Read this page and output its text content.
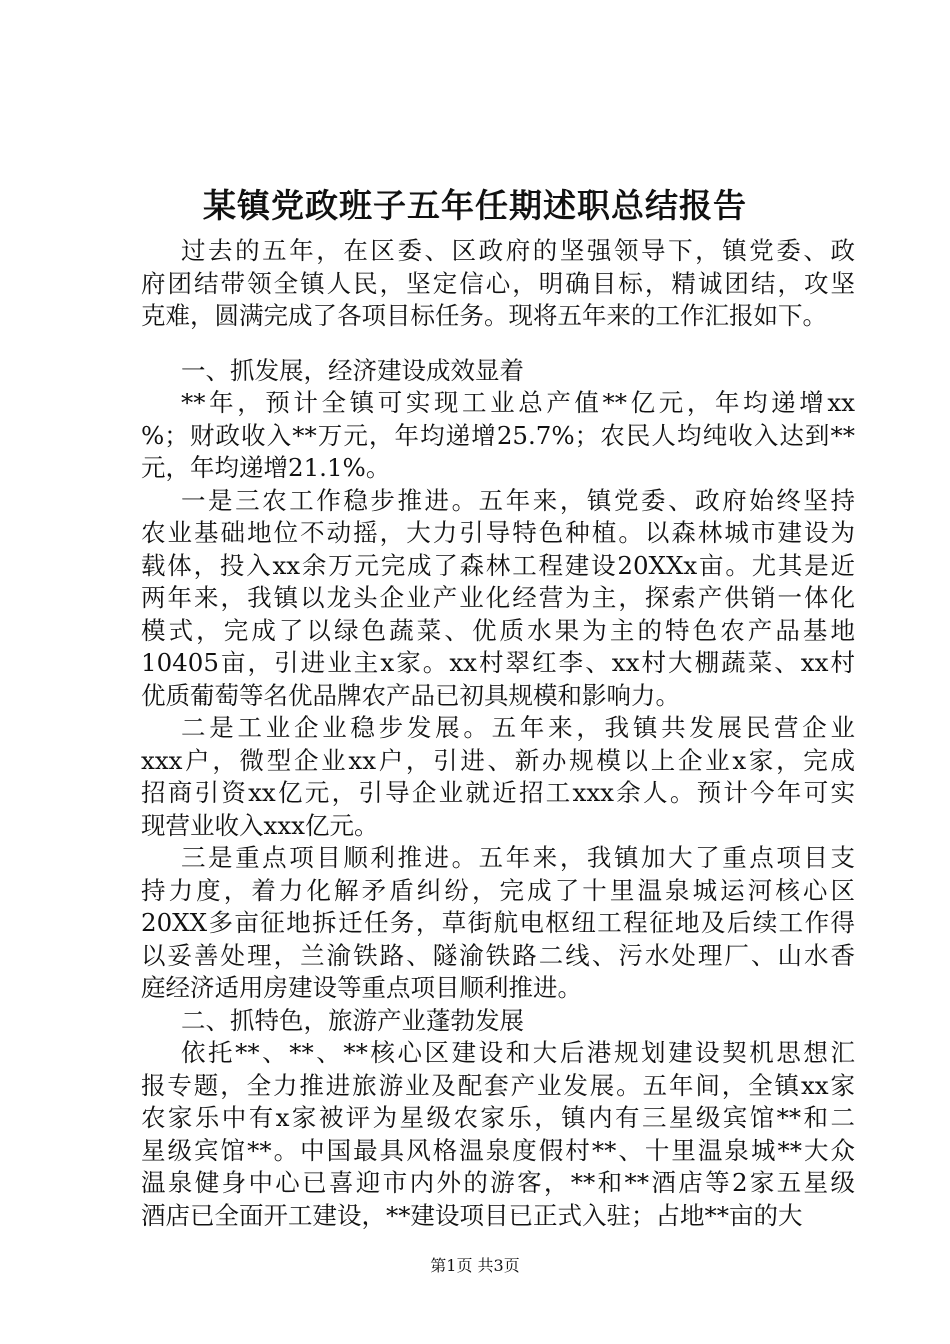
某镇党政班子五年任期述职总结报告
过去的五年，在区委、区政府的坚强领导下，镇党委、政
府团结带领全镇人民，坚定信心，明确目标，精诚团结，攻坚
克难，圆满完成了各项目标任务。现将五年来的工作汇报如下。
一、抓发展，经济建设成效显着
**年，预计全镇可实现工业总产值**亿元，年均递增xx
%；财政收入**万元，年均递增25.7%；农民人均纯收入达到**
元，年均递增21.1%。
一是三农工作稳步推进。五年来，镇党委、政府始终坚持
农业基础地位不动摇，大力引导特色种植。以森林城市建设为
载体，投入xx余万元完成了森林工程建设20XXx亩。尤其是近
两年来，我镇以龙头企业产业化经营为主，探索产供销一体化
模式，完成了以绿色蔬菜、优质水果为主的特色农产品基地
10405亩，引进业主x家。xx村翠红李、xx村大棚蔬菜、xx村
优质葡萄等名优品牌农产品已初具规模和影响力。
二是工业企业稳步发展。五年来，我镇共发展民营企业
xxx户，微型企业xx户，引进、新办规模以上企业x家，完成
招商引资xx亿元，引导企业就近招工xxx余人。预计今年可实
现营业收入xxx亿元。
三是重点项目顺利推进。五年来，我镇加大了重点项目支
持力度，着力化解矛盾纠纷，完成了十里温泉城运河核心区
20XX多亩征地拆迁任务，草街航电枢纽工程征地及后续工作得
以妥善处理，兰渝铁路、隧渝铁路二线、污水处理厂、山水香
庭经济适用房建设等重点项目顺利推进。
二、抓特色，旅游产业蓬勃发展
依托**、**、**核心区建设和大后港规划建设契机思想汇
报专题，全力推进旅游业及配套产业发展。五年间，全镇xx家
农家乐中有x家被评为星级农家乐，镇内有三星级宾馆**和二
星级宾馆**。中国最具风格温泉度假村**、十里温泉城**大众
温泉健身中心已喜迎市内外的游客，**和**酒店等2家五星级
酒店已全面开工建设，**建设项目已正式入驻；占地**亩的大
第1页 共3页
